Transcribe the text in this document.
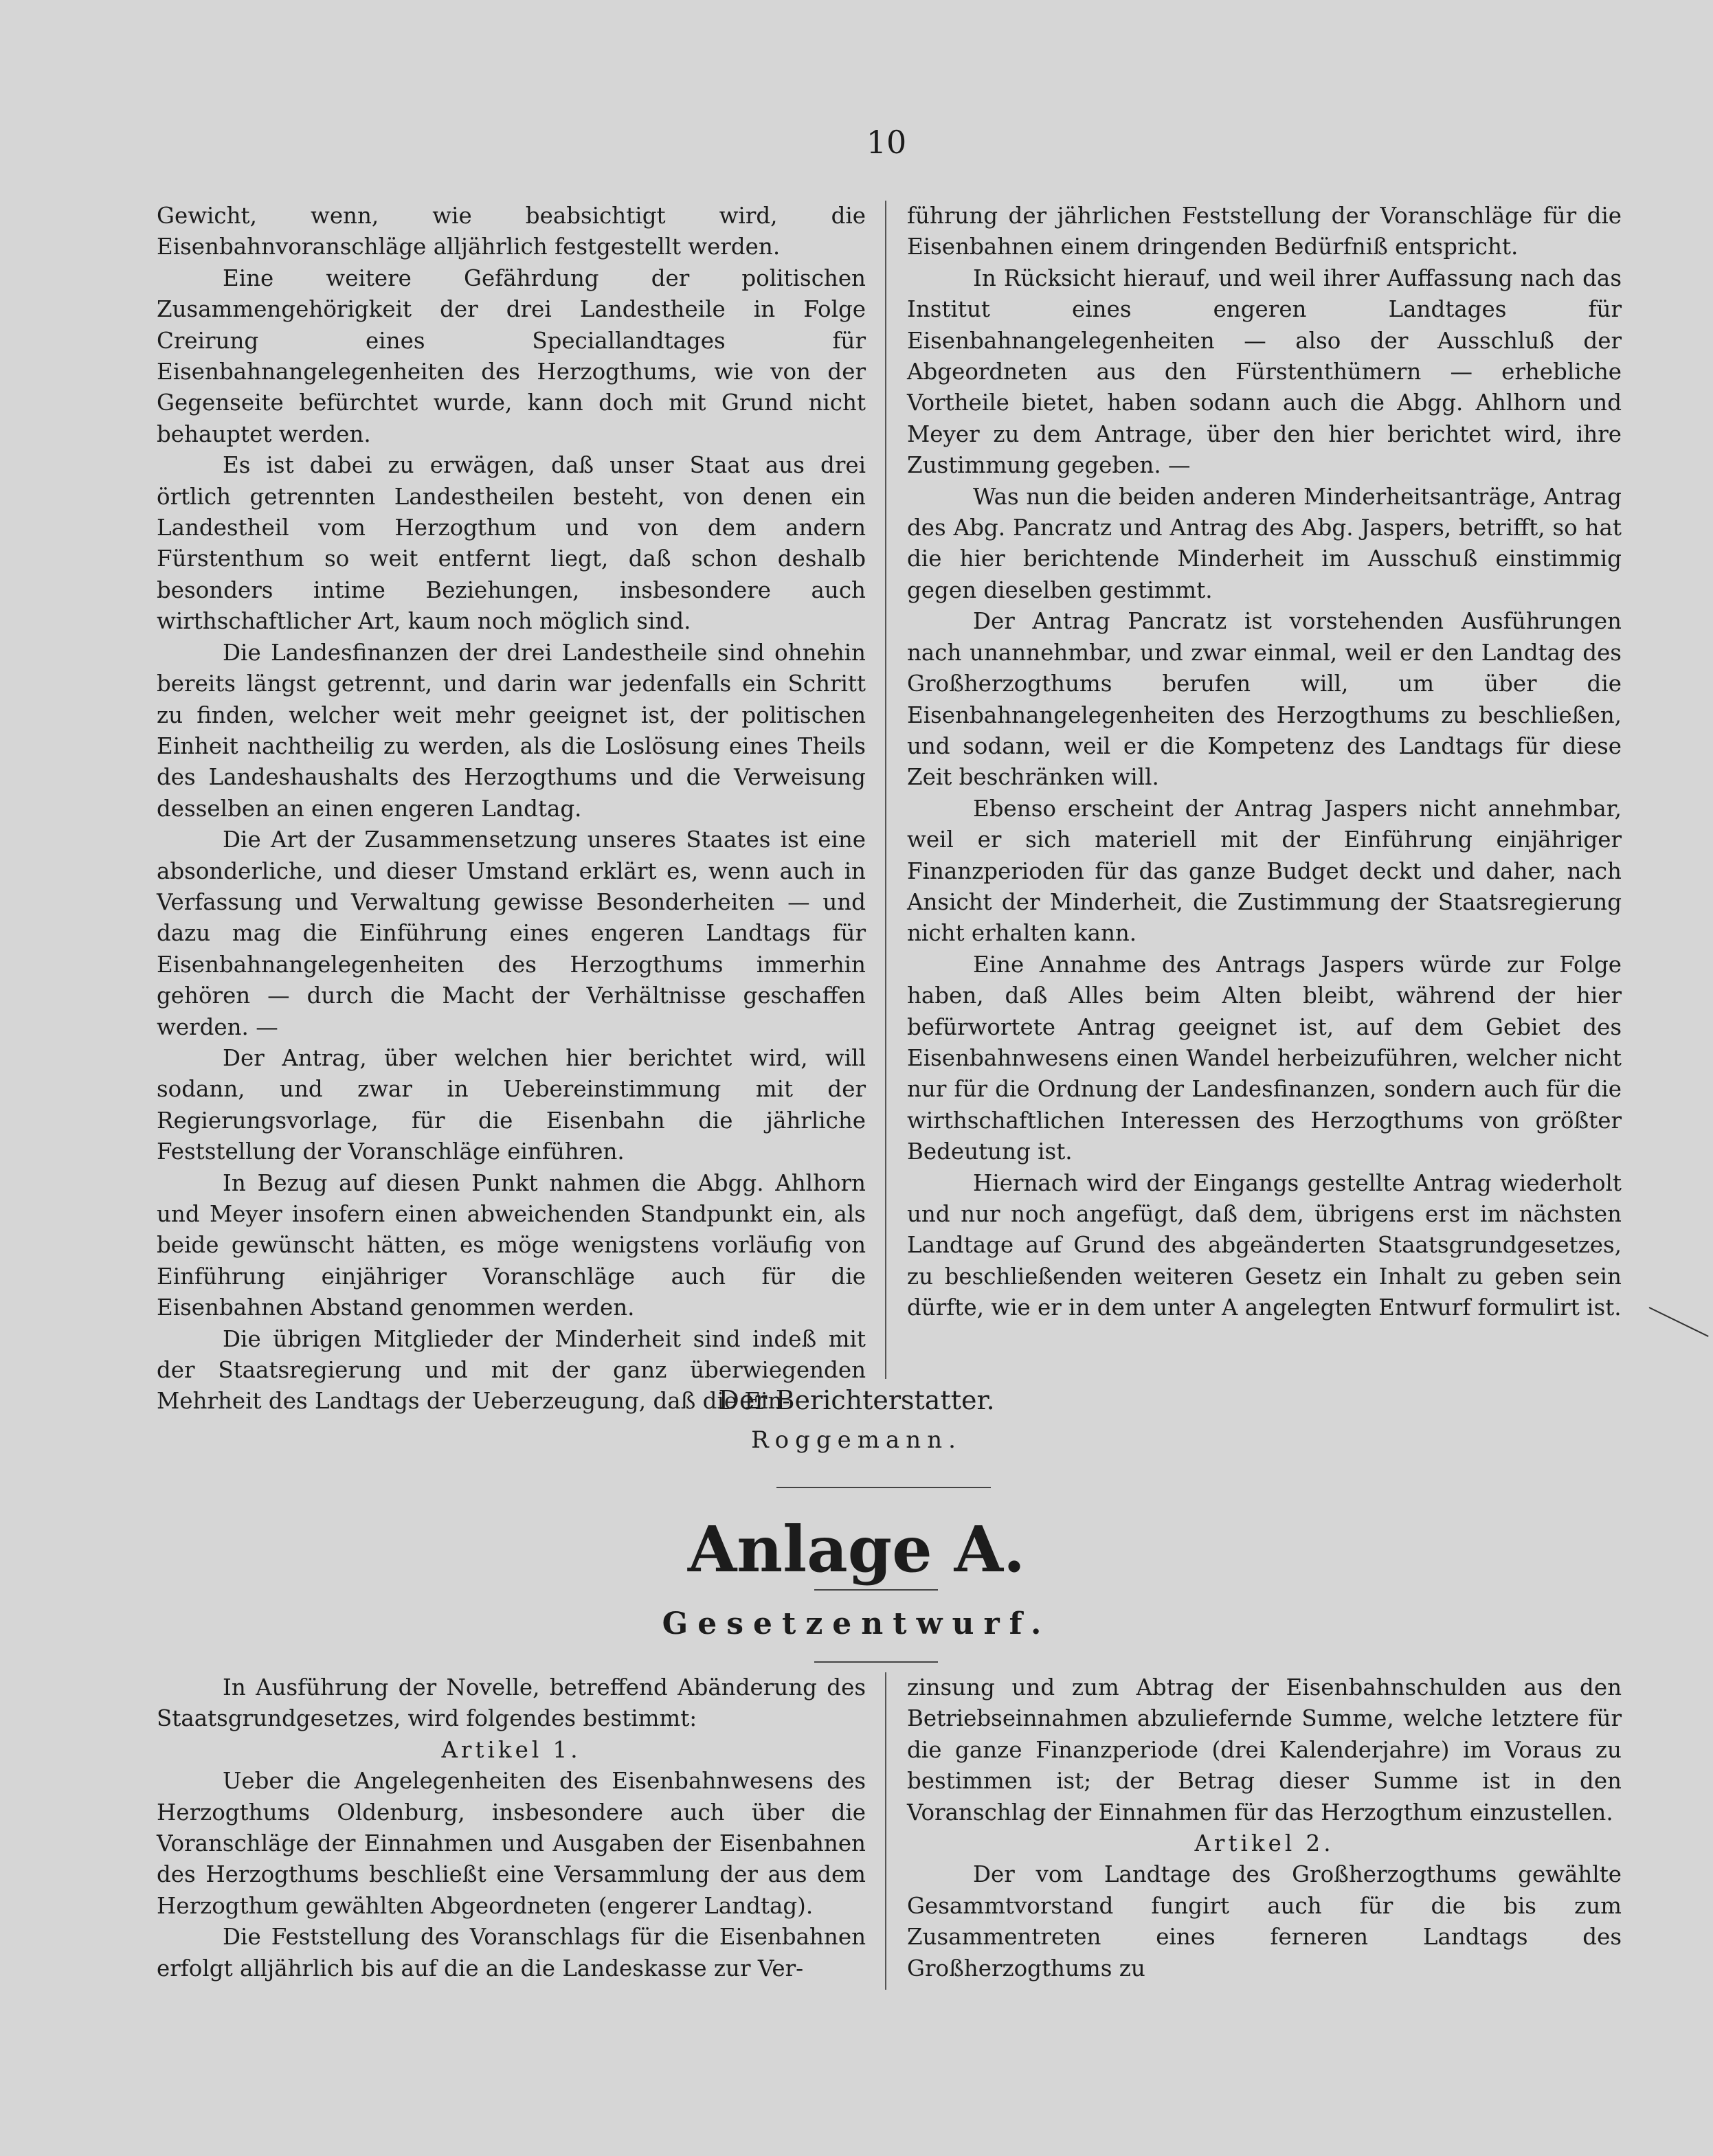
10

Gewicht, wenn, wie beabsichtigt wird, die Eisenbahnvoranschläge alljährlich festgestellt werden.

Eine weitere Gefährdung der politischen Zusammengehörigkeit der drei Landestheile in Folge Creirung eines Speciallandtages für Eisenbahnangelegenheiten des Herzogthums, wie von der Gegenseite befürchtet wurde, kann doch mit Grund nicht behauptet werden.

Es ist dabei zu erwägen, daß unser Staat aus drei örtlich getrennten Landestheilen besteht, von denen ein Landestheil vom Herzogthum und von dem andern Fürstenthum so weit entfernt liegt, daß schon deshalb besonders intime Beziehungen, insbesondere auch wirthschaftlicher Art, kaum noch möglich sind.

Die Landesfinanzen der drei Landestheile sind ohnehin bereits längst getrennt, und darin war jedenfalls ein Schritt zu finden, welcher weit mehr geeignet ist, der politischen Einheit nachtheilig zu werden, als die Loslösung eines Theils des Landeshaushalts des Herzogthums und die Verweisung desselben an einen engeren Landtag.

Die Art der Zusammensetzung unseres Staates ist eine absonderliche, und dieser Umstand erklärt es, wenn auch in Verfassung und Verwaltung gewisse Besonderheiten — und dazu mag die Einführung eines engeren Landtags für Eisenbahnangelegenheiten des Herzogthums immerhin gehören — durch die Macht der Verhältnisse geschaffen werden. —

Der Antrag, über welchen hier berichtet wird, will sodann, und zwar in Uebereinstimmung mit der Regierungsvorlage, für die Eisenbahn die jährliche Feststellung der Voranschläge einführen.

In Bezug auf diesen Punkt nahmen die Abgg. Ahlhorn und Meyer insofern einen abweichenden Standpunkt ein, als beide gewünscht hätten, es möge wenigstens vorläufig von Einführung einjähriger Voranschläge auch für die Eisenbahnen Abstand genommen werden.

Die übrigen Mitglieder der Minderheit sind indeß mit der Staatsregierung und mit der ganz überwiegenden Mehrheit des Landtags der Ueberzeugung, daß die Ein-

führung der jährlichen Feststellung der Voranschläge für die Eisenbahnen einem dringenden Bedürfniß entspricht.

In Rücksicht hierauf, und weil ihrer Auffassung nach das Institut eines engeren Landtages für Eisenbahnangelegenheiten — also der Ausschluß der Abgeordneten aus den Fürstenthümern — erhebliche Vortheile bietet, haben sodann auch die Abgg. Ahlhorn und Meyer zu dem Antrage, über den hier berichtet wird, ihre Zustimmung gegeben. —

Was nun die beiden anderen Minderheitsanträge, Antrag des Abg. Pancratz und Antrag des Abg. Jaspers, betrifft, so hat die hier berichtende Minderheit im Ausschuß einstimmig gegen dieselben gestimmt.

Der Antrag Pancratz ist vorstehenden Ausführungen nach unannehmbar, und zwar einmal, weil er den Landtag des Großherzogthums berufen will, um über die Eisenbahnangelegenheiten des Herzogthums zu beschließen, und sodann, weil er die Kompetenz des Landtags für diese Zeit beschränken will.

Ebenso erscheint der Antrag Jaspers nicht annehmbar, weil er sich materiell mit der Einführung einjähriger Finanzperioden für das ganze Budget deckt und daher, nach Ansicht der Minderheit, die Zustimmung der Staatsregierung nicht erhalten kann.

Eine Annahme des Antrags Jaspers würde zur Folge haben, daß Alles beim Alten bleibt, während der hier befürwortete Antrag geeignet ist, auf dem Gebiet des Eisenbahnwesens einen Wandel herbeizuführen, welcher nicht nur für die Ordnung der Landesfinanzen, sondern auch für die wirthschaftlichen Interessen des Herzogthums von größter Bedeutung ist.

Hiernach wird der Eingangs gestellte Antrag wiederholt und nur noch angefügt, daß dem, übrigens erst im nächsten Landtage auf Grund des abgeänderten Staatsgrundgesetzes, zu beschließenden weiteren Gesetz ein Inhalt zu geben sein dürfte, wie er in dem unter A angelegten Entwurf formulirt ist.

Der Berichterstatter.
Roggemann.
Anlage A.
Gesetzentwurf.

In Ausführung der Novelle, betreffend Abänderung des Staatsgrundgesetzes, wird folgendes bestimmt:

Artikel 1.

Ueber die Angelegenheiten des Eisenbahnwesens des Herzogthums Oldenburg, insbesondere auch über die Voranschläge der Einnahmen und Ausgaben der Eisenbahnen des Herzogthums beschließt eine Versammlung der aus dem Herzogthum gewählten Abgeordneten (engerer Landtag).

Die Feststellung des Voranschlags für die Eisenbahnen erfolgt alljährlich bis auf die an die Landeskasse zur Ver-

zinsung und zum Abtrag der Eisenbahnschulden aus den Betriebseinnahmen abzuliefernde Summe, welche letztere für die ganze Finanzperiode (drei Kalenderjahre) im Voraus zu bestimmen ist; der Betrag dieser Summe ist in den Voranschlag der Einnahmen für das Herzogthum einzustellen.

Artikel 2.

Der vom Landtage des Großherzogthums gewählte Gesammtvorstand fungirt auch für die bis zum Zusammentreten eines ferneren Landtags des Großherzogthums zu
